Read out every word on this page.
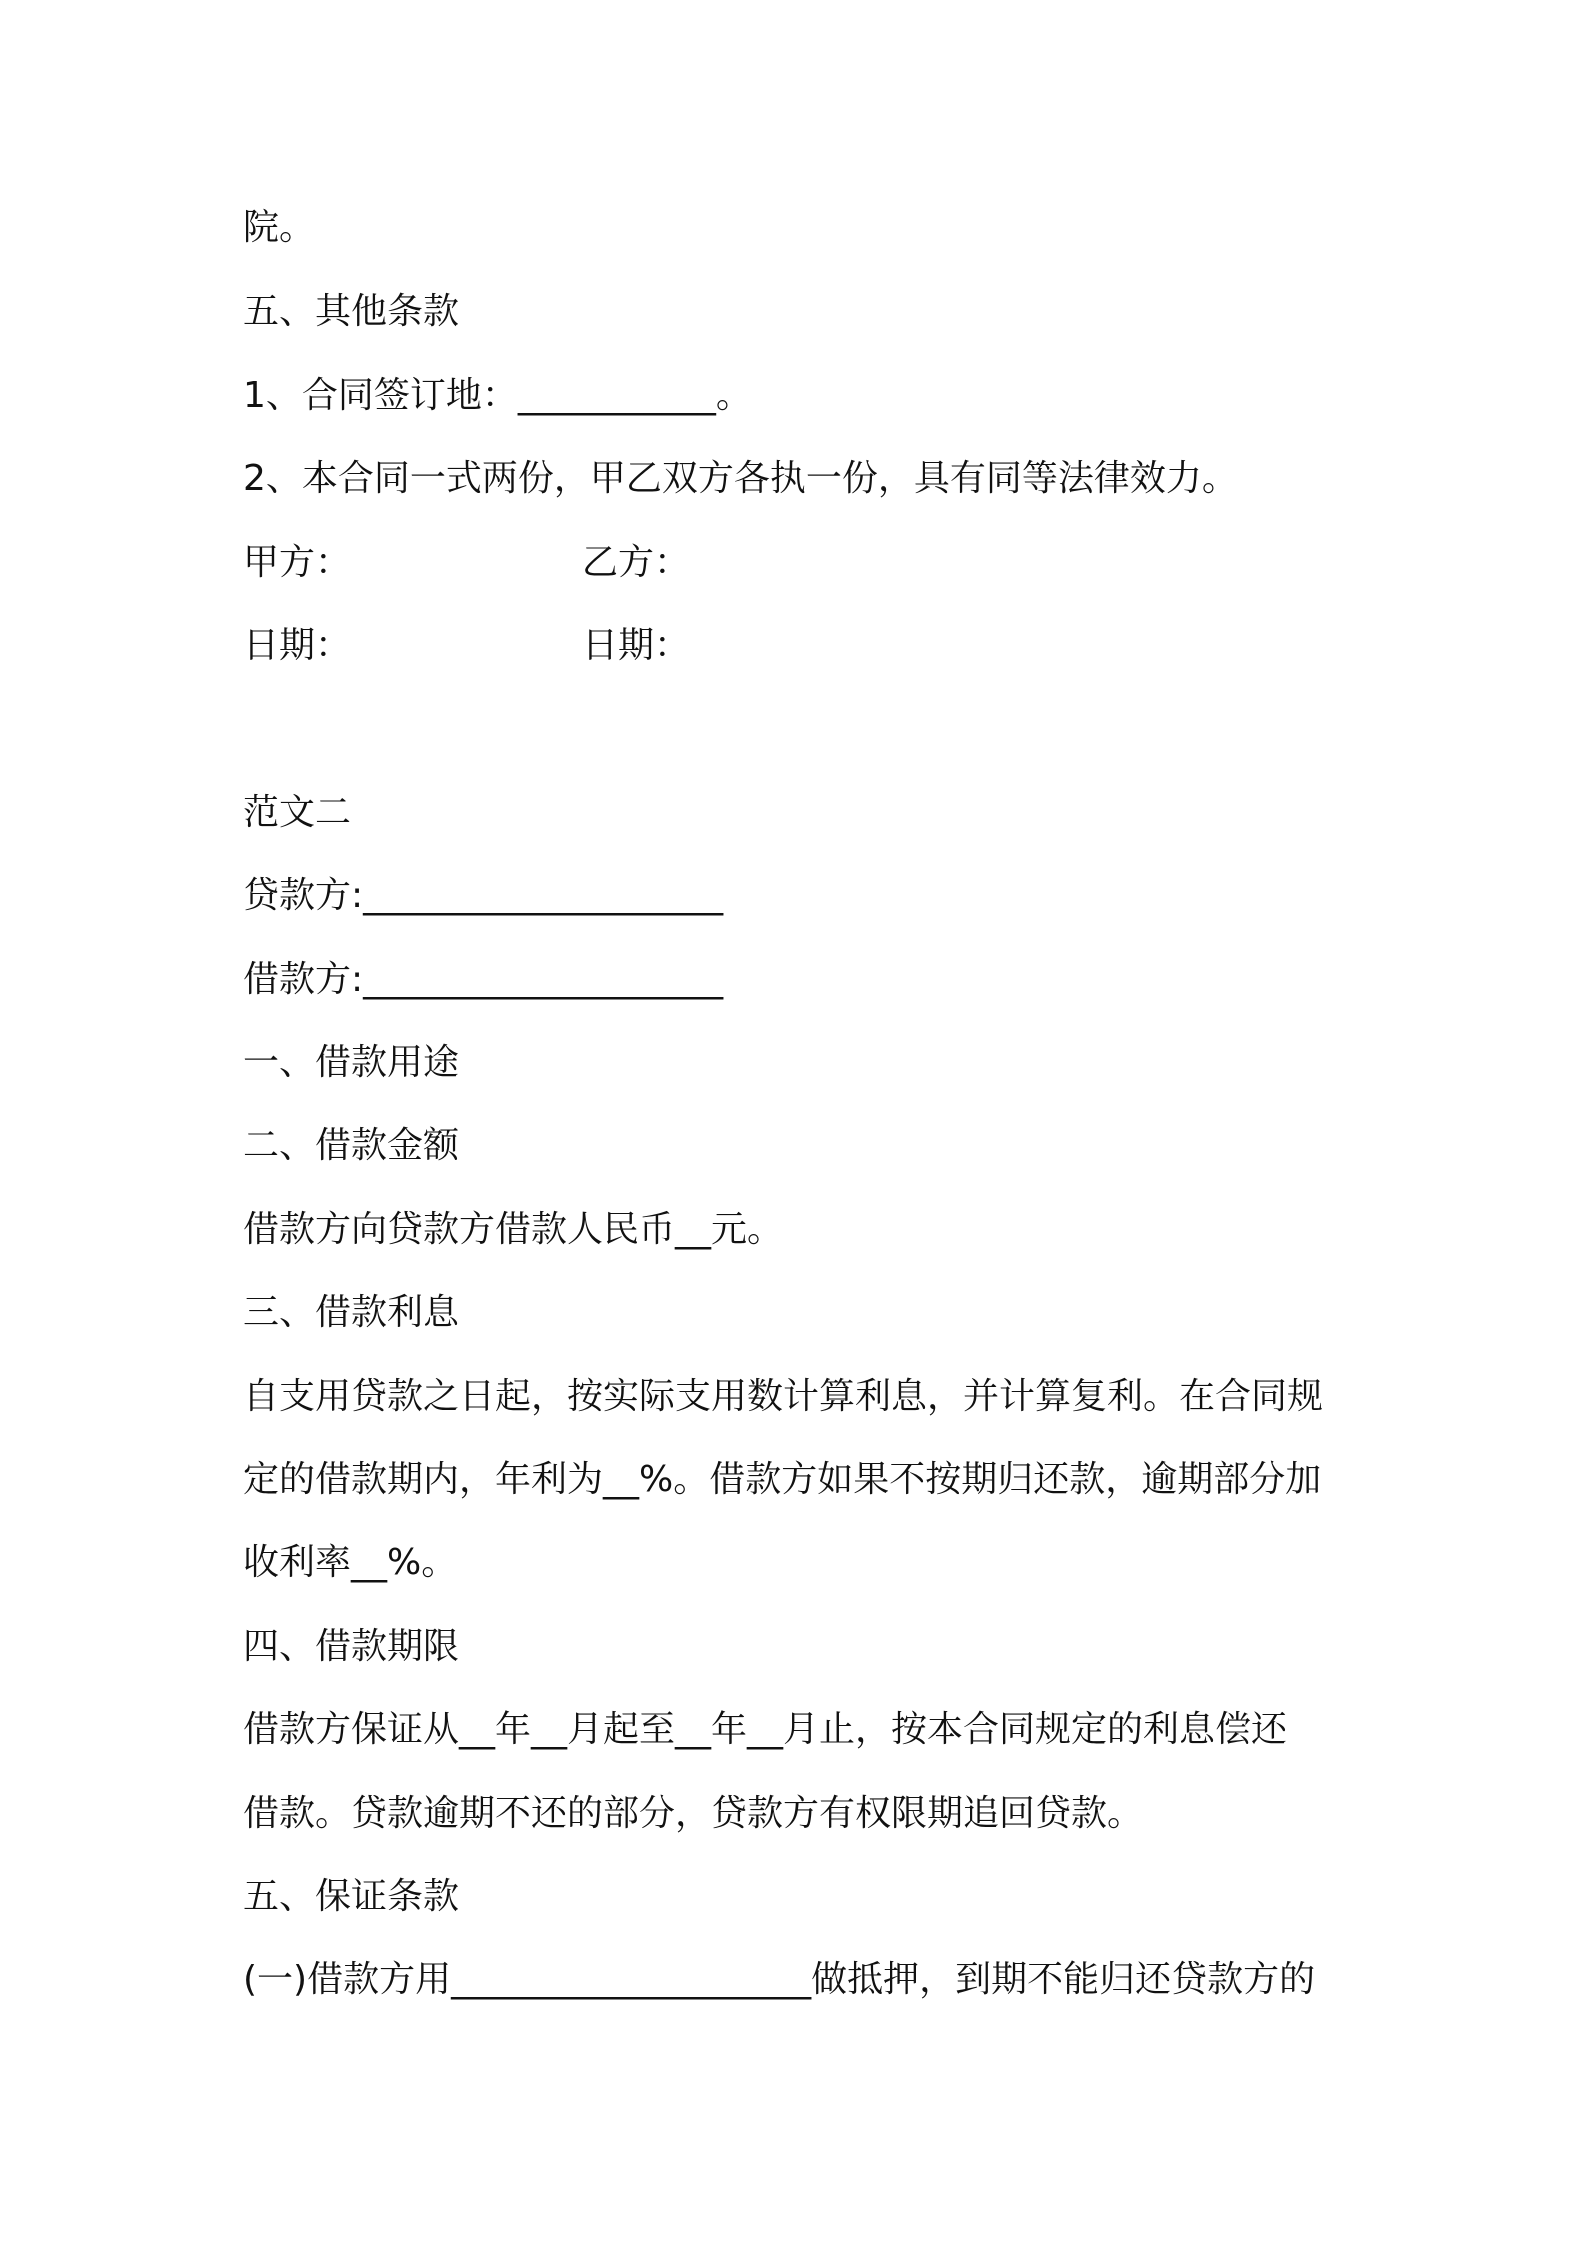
院。
五、其他条款
1、合同签订地：___________。
2、本合同一式两份，甲乙双方各执一份，具有同等法律效力。
甲方：	乙方：
日期：	日期：
范文二
贷款方:____________________
借款方:____________________
一、借款用途
二、借款金额
借款方向贷款方借款人民币__元。
三、借款利息
自支用贷款之日起，按实际支用数计算利息，并计算复利。在合同规
定的借款期内，年利为__%。借款方如果不按期归还款，逾期部分加
收利率__%。
四、借款期限
借款方保证从__年__月起至__年__月止，按本合同规定的利息偿还
借款。贷款逾期不还的部分，贷款方有权限期追回贷款。
五、保证条款
(一)借款方用____________________做抵押，到期不能归还贷款方的
